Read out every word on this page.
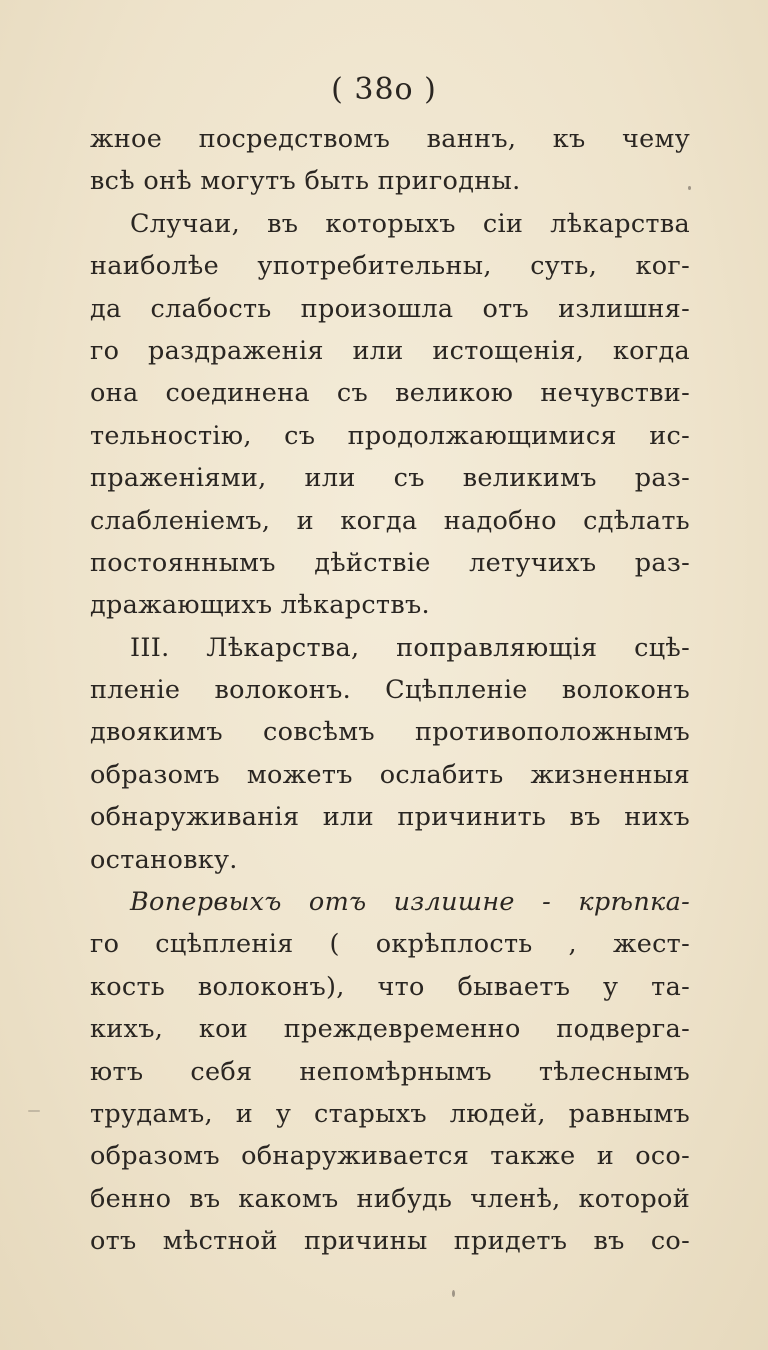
( 38о )
жное посредствомъ ваннъ, къ чему
всѣ онѣ могутъ быть пригодны.
Случаи, въ которыхъ сіи лѣкарства
наиболѣе употребительны, суть, ког-
да слабость произошла отъ излишня-
го раздраженія или истощенія, когда
она соединена съ великою нечувстви-
тельностію, съ продолжающимися ис-
праженіями, или съ великимъ раз-
слабленіемъ, и когда надобно сдѣлать
постояннымъ дѣйствіе летучихъ раз-
дражающихъ лѣкарствъ.
III. Лѣкарства, поправляющія сцѣ-
пленіе волоконъ. Сцѣпленіе волоконъ
двоякимъ совсѣмъ противоположнымъ
образомъ можетъ ослабить жизненныя
обнаруживанія или причинить въ нихъ
остановку.
Вопервыхъ отъ излишне - крѣпка-
го сцѣпленія ( окрѣплость , жест-
кость волоконъ), что бываетъ у та-
кихъ, кои преждевременно подверга-
ютъ себя непомѣрнымъ тѣлеснымъ
трудамъ, и у старыхъ людей, равнымъ
образомъ обнаруживается также и осо-
бенно въ какомъ нибудь членѣ, которой
отъ мѣстной причины придетъ въ со-
